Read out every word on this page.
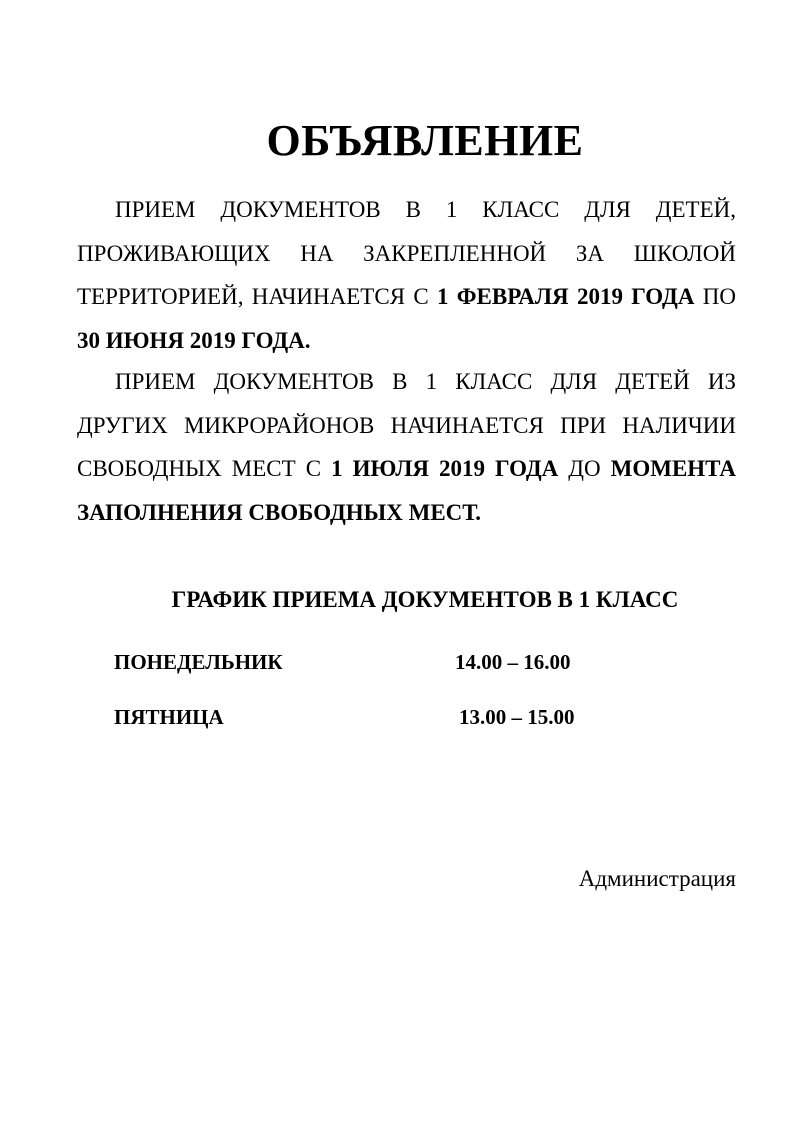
ОБЪЯВЛЕНИЕ
ПРИЕМ ДОКУМЕНТОВ В 1 КЛАСС ДЛЯ ДЕТЕЙ, ПРОЖИВАЮЩИХ НА ЗАКРЕПЛЕННОЙ ЗА ШКОЛОЙ ТЕРРИТОРИЕЙ, НАЧИНАЕТСЯ С 1 ФЕВРАЛЯ 2019 ГОДА ПО 30 ИЮНЯ 2019 ГОДА.
ПРИЕМ ДОКУМЕНТОВ В 1 КЛАСС ДЛЯ ДЕТЕЙ ИЗ ДРУГИХ МИКРОРАЙОНОВ НАЧИНАЕТСЯ ПРИ НАЛИЧИИ СВОБОДНЫХ МЕСТ С 1 ИЮЛЯ 2019 ГОДА ДО МОМЕНТА ЗАПОЛНЕНИЯ СВОБОДНЫХ МЕСТ.
ГРАФИК ПРИЕМА ДОКУМЕНТОВ В 1 КЛАСС
ПОНЕДЕЛЬНИК	14.00 – 16.00
ПЯТНИЦА	13.00 – 15.00
Администрация
